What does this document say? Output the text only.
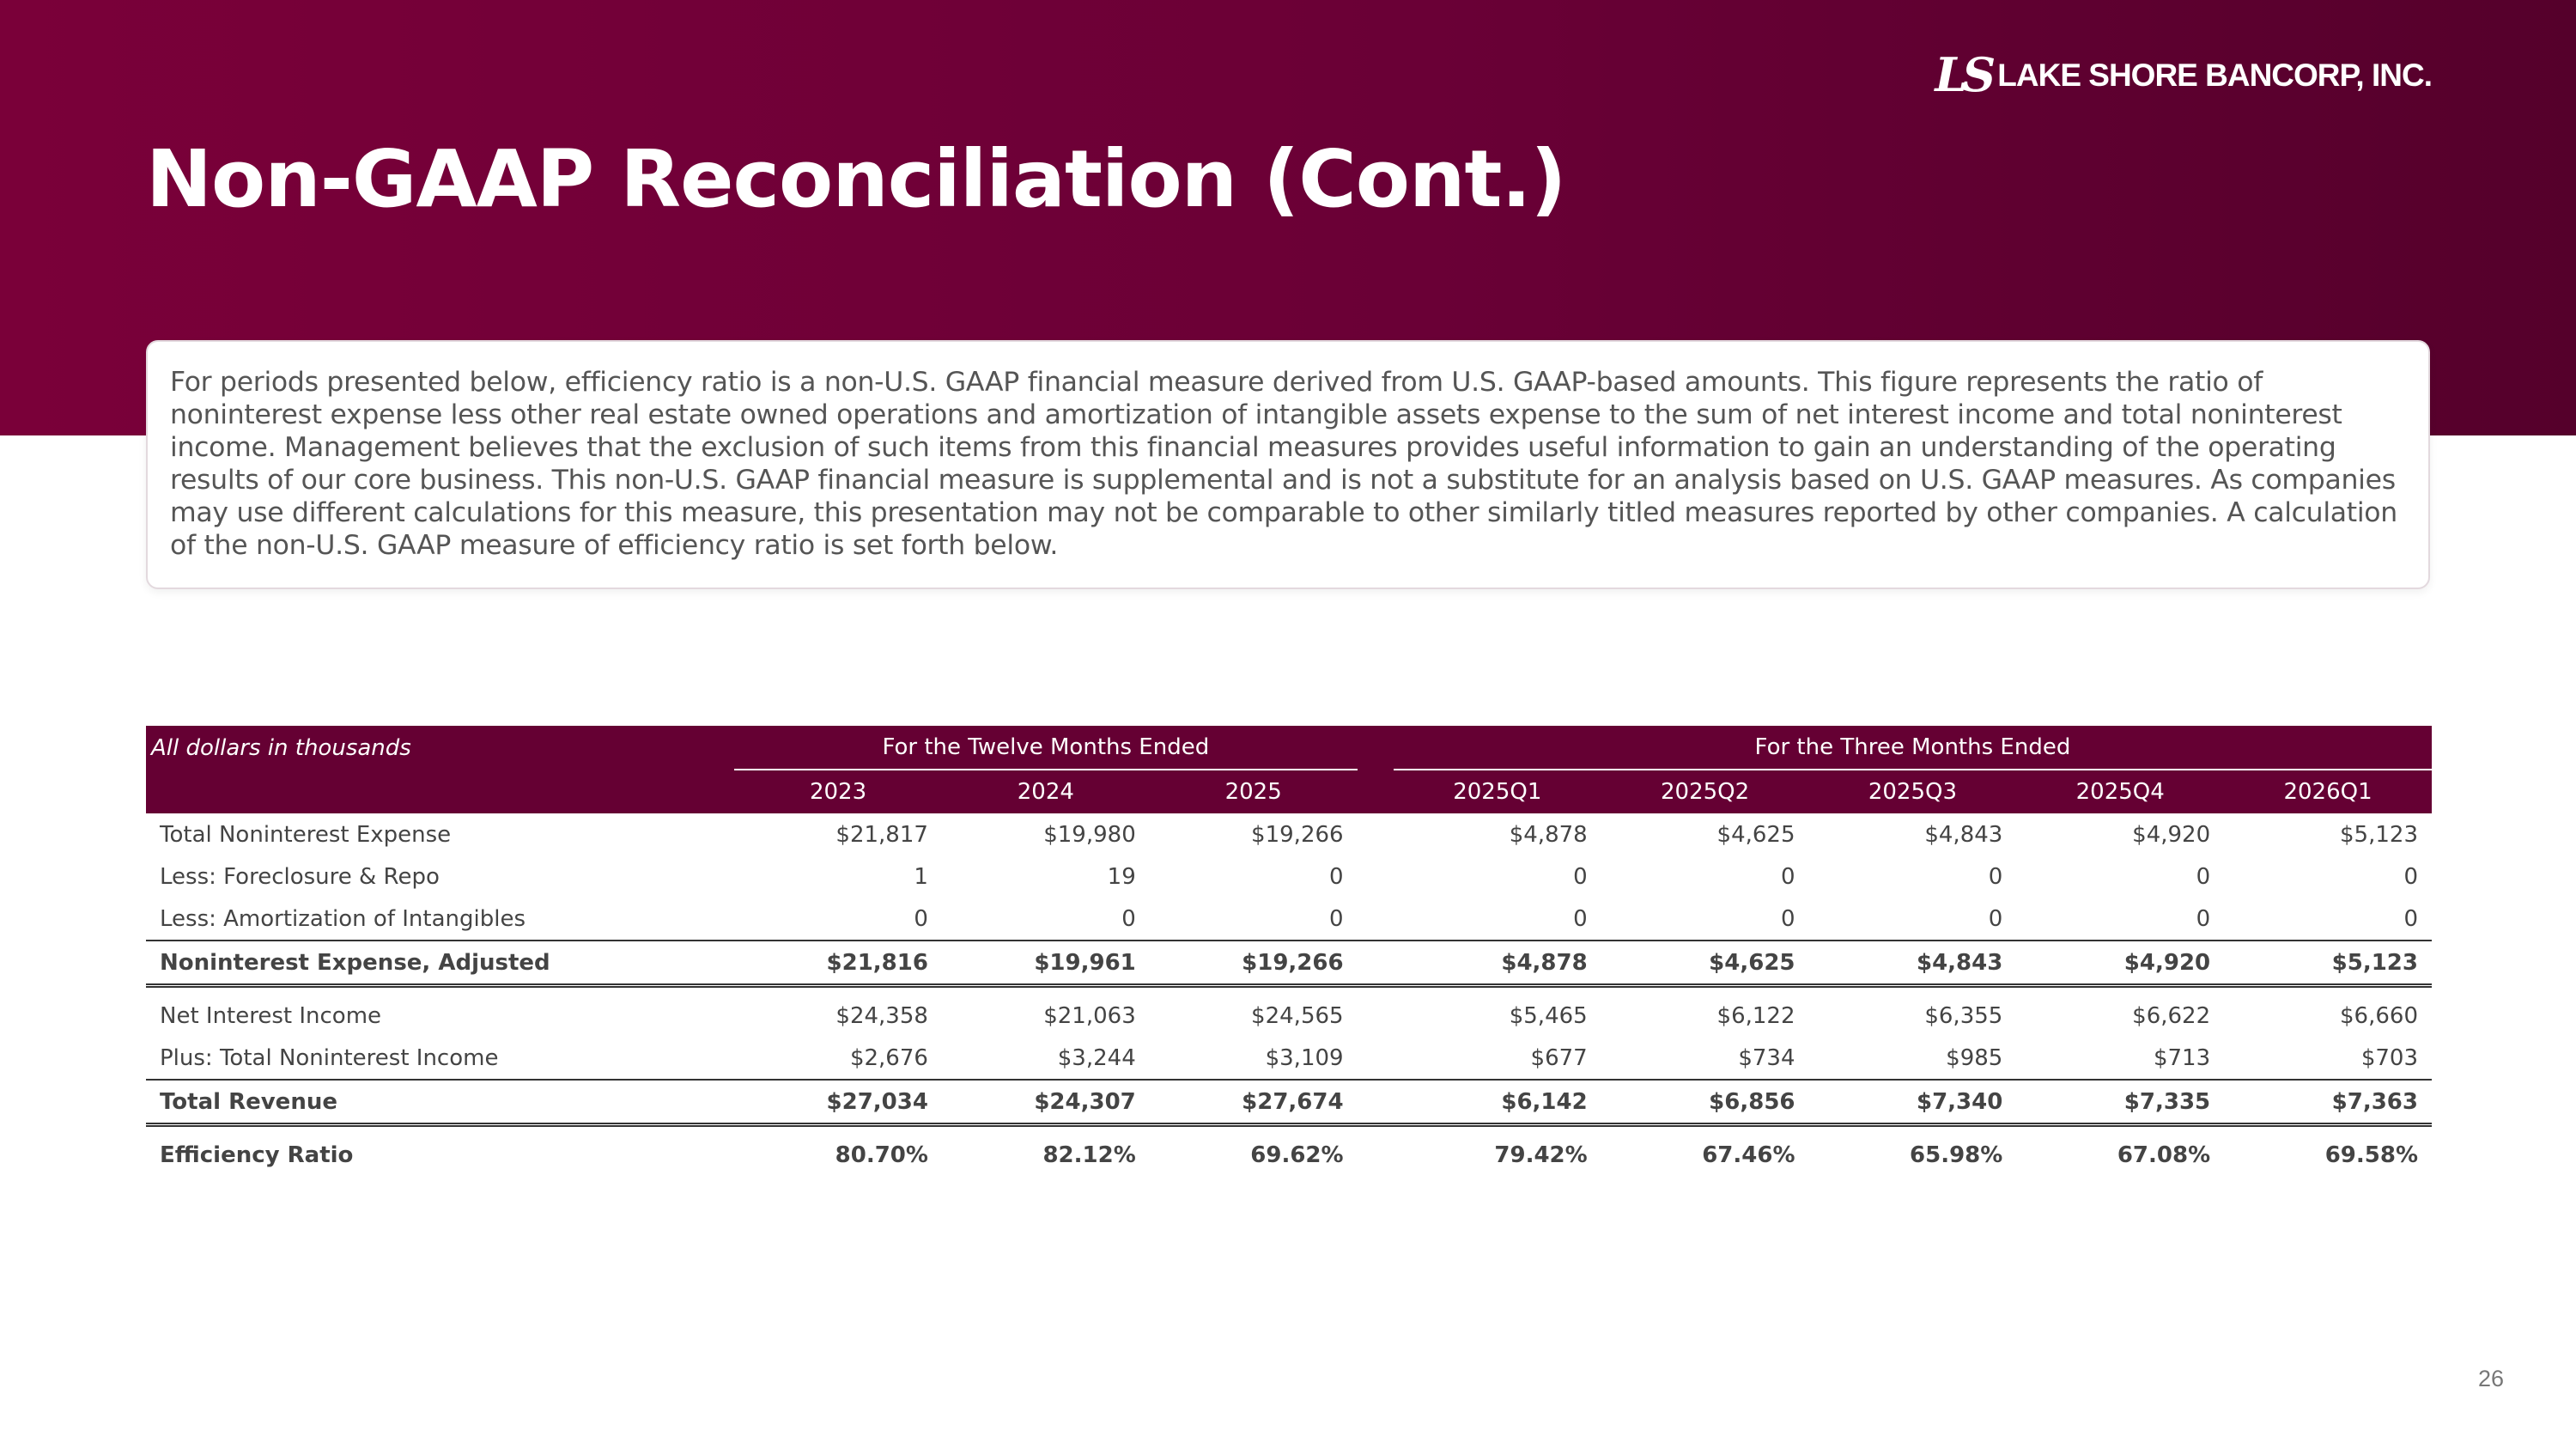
LS LAKE SHORE BANCORP, INC.
Non-GAAP Reconciliation (Cont.)

For periods presented below, efficiency ratio is a non-U.S. GAAP financial measure derived from U.S. GAAP-based amounts. This figure represents the ratio of noninterest expense less other real estate owned operations and amortization of intangible assets expense to the sum of net interest income and total noninterest income. Management believes that the exclusion of such items from this financial measures provides useful information to gain an understanding of the operating results of our core business. This non-U.S. GAAP financial measure is supplemental and is not a substitute for an analysis based on U.S. GAAP measures. As companies may use different calculations for this measure, this presentation may not be comparable to other similarly titled measures reported by other companies. A calculation of the non-U.S. GAAP measure of efficiency ratio is set forth below.

All dollars in thousands	For the Twelve Months Ended				For the Three Months Ended				
	2023	2024	2025		2025Q1	2025Q2	2025Q3	2025Q4	2026Q1
Total Noninterest Expense	$21,817	$19,980	$19,266		$4,878	$4,625	$4,843	$4,920	$5,123
Less: Foreclosure & Repo	1	19	0		0	0	0	0	0
Less: Amortization of Intangibles	0	0	0		0	0	0	0	0
Noninterest Expense, Adjusted	$21,816	$19,961	$19,266		$4,878	$4,625	$4,843	$4,920	$5,123

Net Interest Income	$24,358	$21,063	$24,565		$5,465	$6,122	$6,355	$6,622	$6,660
Plus: Total Noninterest Income	$2,676	$3,244	$3,109		$677	$734	$985	$713	$703
Total Revenue	$27,034	$24,307	$27,674		$6,142	$6,856	$7,340	$7,335	$7,363

Efficiency Ratio	80.70%	82.12%	69.62%		79.42%	67.46%	65.98%	67.08%	69.58%
26
